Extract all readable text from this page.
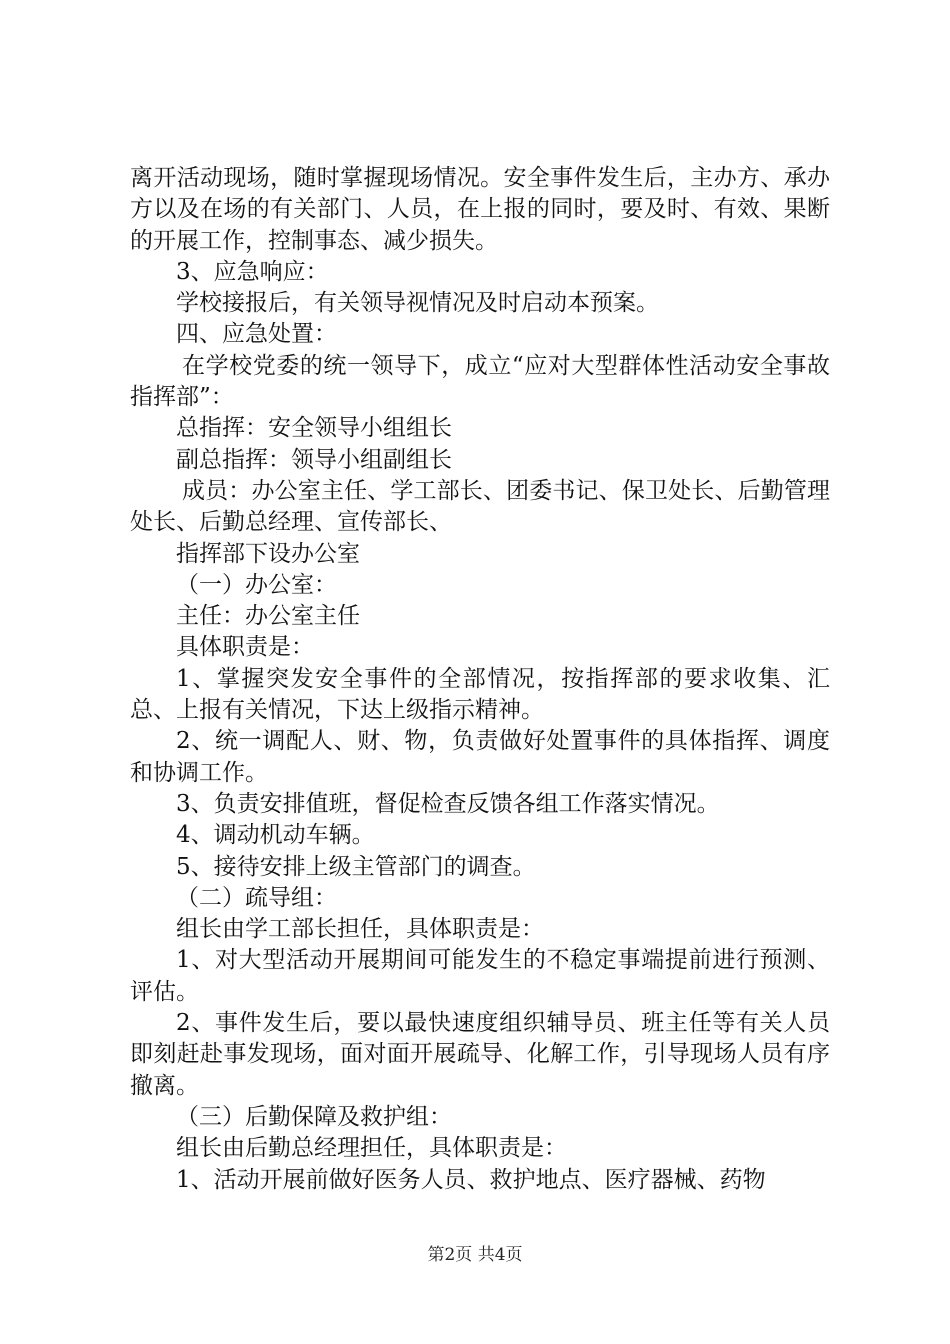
离开活动现场，随时掌握现场情况。安全事件发生后，主办方、承办方以及在场的有关部门、人员，在上报的同时，要及时、有效、果断的开展工作，控制事态、减少损失。

3、应急响应：

学校接报后，有关领导视情况及时启动本预案。

四、应急处置：

在学校党委的统一领导下，成立“应对大型群体性活动安全事故指挥部”：

总指挥：安全领导小组组长

副总指挥：领导小组副组长

成员：办公室主任、学工部长、团委书记、保卫处长、后勤管理处长、后勤总经理、宣传部长、

指挥部下设办公室

（一）办公室：

主任：办公室主任

具体职责是：

1、掌握突发安全事件的全部情况，按指挥部的要求收集、汇总、上报有关情况，下达上级指示精神。

2、统一调配人、财、物，负责做好处置事件的具体指挥、调度和协调工作。

3、负责安排值班，督促检查反馈各组工作落实情况。

4、调动机动车辆。

5、接待安排上级主管部门的调查。

（二）疏导组：

组长由学工部长担任，具体职责是：

1、对大型活动开展期间可能发生的不稳定事端提前进行预测、评估。

2、事件发生后，要以最快速度组织辅导员、班主任等有关人员即刻赶赴事发现场，面对面开展疏导、化解工作，引导现场人员有序撤离。

（三）后勤保障及救护组：

组长由后勤总经理担任，具体职责是：

1、活动开展前做好医务人员、救护地点、医疗器械、药物

第2页 共4页
